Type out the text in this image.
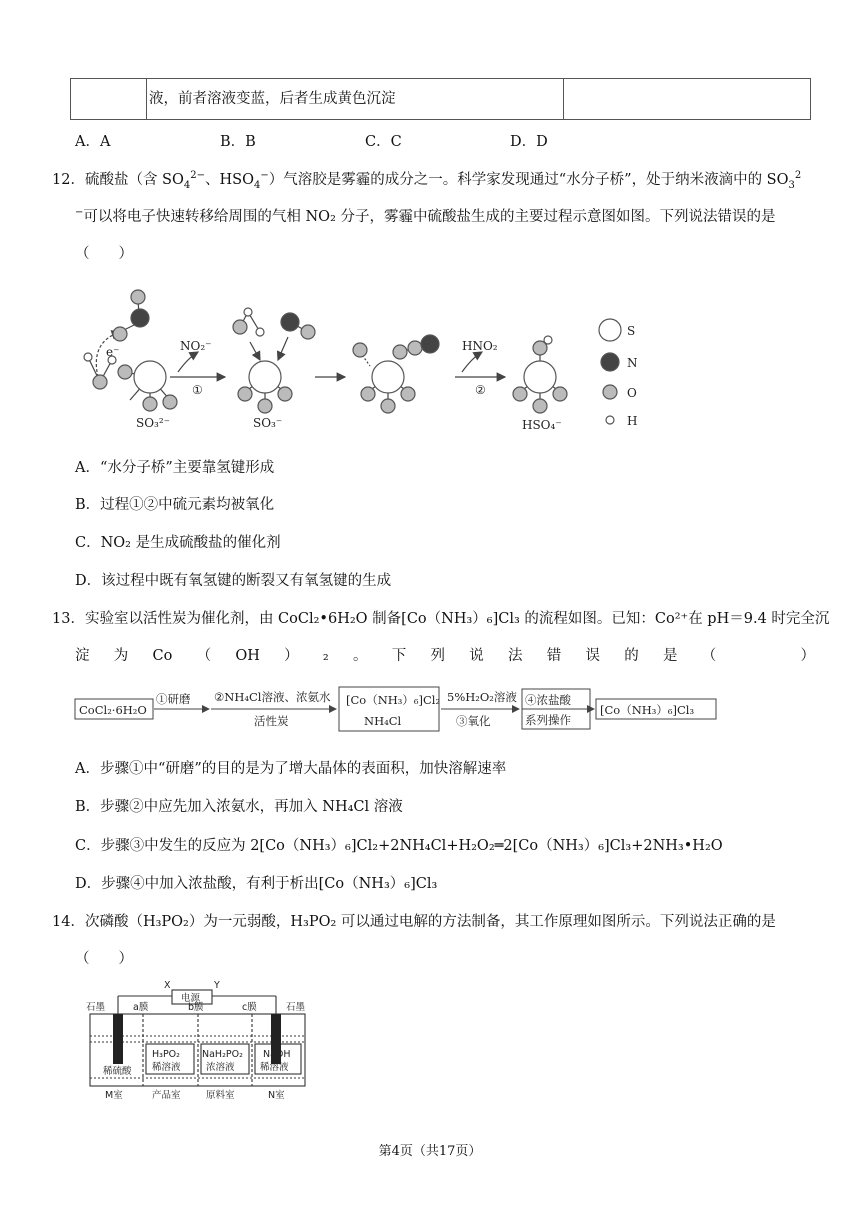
液，前者溶液变蓝，后者生成黄色沉淀
A．A	B．B	C．C	D．D
12．硫酸盐（含 $SO_4^{2-}$、$HSO_4^-$）气溶胶是雾霾的成分之一。科学家发现通过“水分子桥”，处于纳米液滴中的 $SO_3^2$
−可以将电子快速转移给周围的气相 NO₂ 分子，雾霾中硫酸盐生成的主要过程示意图如图。下列说法错误的是
（　　）
e⁻	NO₂⁻
①
HNO₂
②
SO₃²⁻	SO₃⁻	HSO₄⁻
S
N
O
H
A．“水分子桥”主要靠氢键形成
B．过程①②中硫元素均被氧化
C．NO₂ 是生成硫酸盐的催化剂
D．该过程中既有氧氢键的断裂又有氧氢键的生成
13．实验室以活性炭为催化剂，由 CoCl₂•6H₂O 制备[Co（NH₃）₆]Cl₃ 的流程如图。已知：Co²⁺在 pH＝9.4 时完全沉
淀 为 Co （ OH ） ₂ 。 下 列 说 法 错 误 的 是 （	）
CoCl₂·6H₂O
①研磨 ②NH₄Cl溶液、浓氨水
活性炭
[Co（NH₃）₆]Cl₂
NH₄Cl
5%H₂O₂溶液
③氧化
④浓盐酸
系列操作
[Co（NH₃）₆]Cl₃
A．步骤①中“研磨”的目的是为了增大晶体的表面积，加快溶解速率
B．步骤②中应先加入浓氨水，再加入 NH₄Cl 溶液
C．步骤③中发生的反应为 2[Co（NH₃）₆]Cl₂+2NH₄Cl+H₂O₂═2[Co（NH₃）₆]Cl₃+2NH₃•H₂O
D．步骤④中加入浓盐酸，有利于析出[Co（NH₃）₆]Cl₃
14．次磷酸（H₃PO₂）为一元弱酸，H₃PO₂ 可以通过电解的方法制备，其工作原理如图所示。下列说法正确的是
（　　）
X	Y
电源
石墨	石墨
a膜	b膜	c膜
稀硫酸
H₃PO₂
稀溶液
NaH₂PO₂
浓溶液
NaOH
稀溶液
M室	产品室	原料室	N室
第4页（共17页）
